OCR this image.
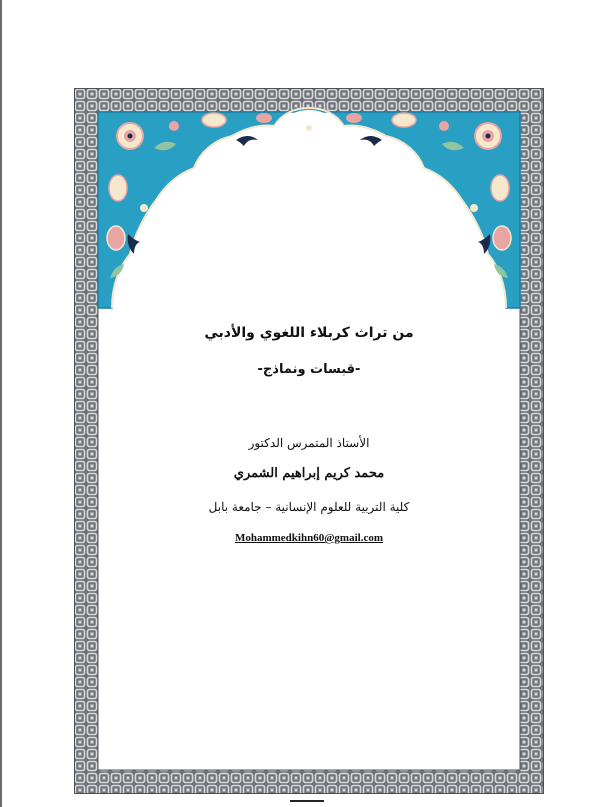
من تراث كربلاء اللغوي والأدبي
-قبسات ونماذج-
الأستاذ المتمرس الدكتور
محمد كريم إبراهيم الشمري
كلية التربية للعلوم الإنسانية – جامعة بابل
Mohammedkihn60@gmail.com
